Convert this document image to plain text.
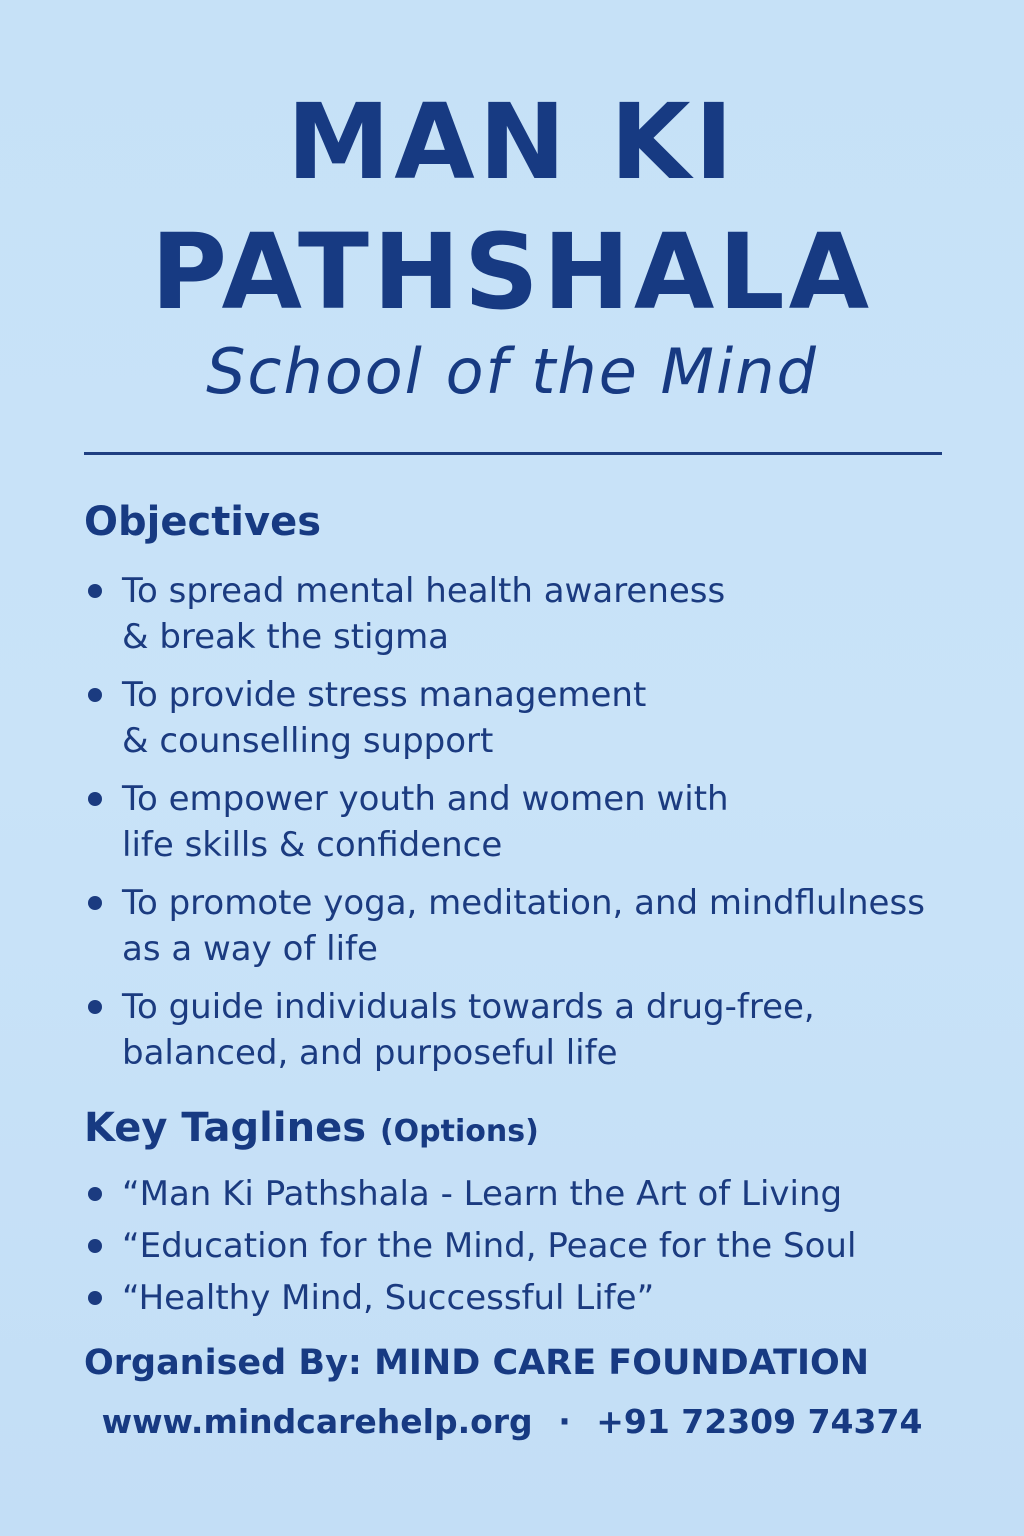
MAN KI
PATHSHALA

School of the Mind

Objectives
To spread mental health awareness
& break the stigma
To provide stress management
& counselling support
To empower youth and women with
life skills & confidence
To promote yoga, meditation, and mindflulness
as a way of life
To guide individuals towards a drug-free,
balanced, and purposeful life
Key Taglines (Options)
“Man Ki Pathshala - Learn the Art of Living
“Education for the Mind, Peace for the Soul
“Healthy Mind, Successful Life”

Organised By: MIND CARE FOUNDATION

www.mindcarehelp.org · +91 72309 74374
